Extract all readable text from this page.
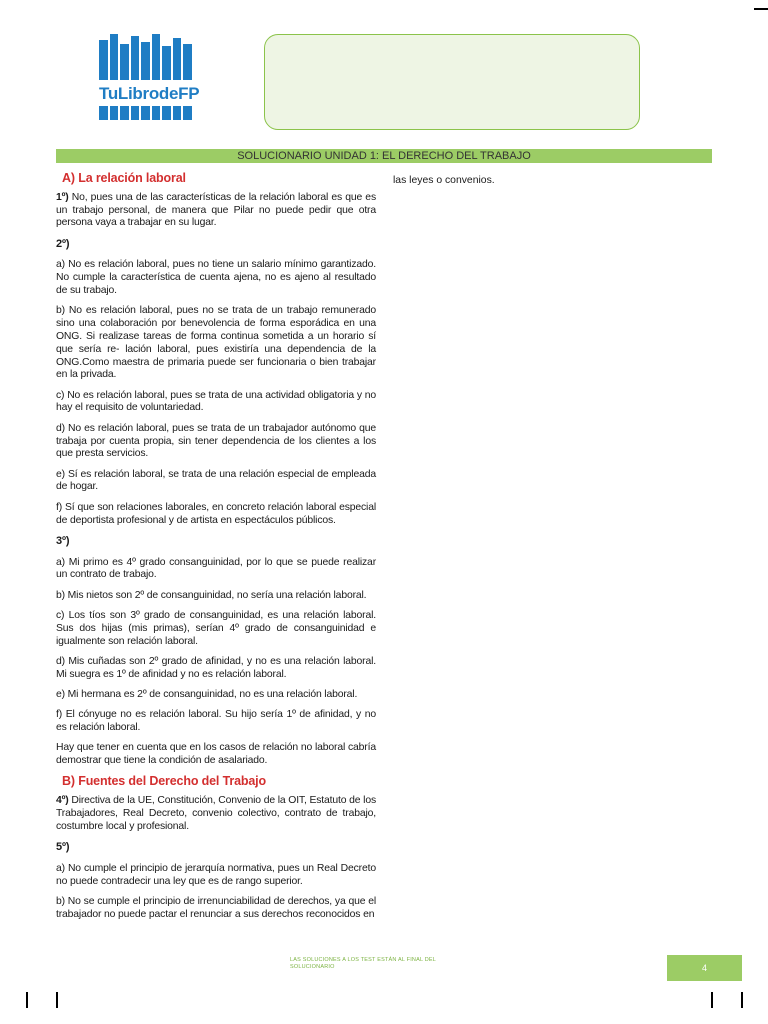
TuLibrodeFP
SOLUCIONARIO UNIDAD 1: EL DERECHO DEL TRABAJO
A) La relación laboral

1º) No, pues una de las características de la relación laboral es que es un trabajo personal, de manera que Pilar no puede pedir que otra persona vaya a trabajar en su lugar.

2º)

a) No es relación laboral, pues no tiene un salario mínimo garantizado. No cumple la característica de cuenta ajena, no es ajeno al resultado de su trabajo.

b) No es relación laboral, pues no se trata de un trabajo remunerado sino una colaboración por benevolencia de forma esporádica en una ONG. Si realizase tareas de forma continua sometida a un horario sí que sería re- lación laboral, pues existiría una dependencia de la ONG.Como maestra de primaria puede ser funcionaria o bien trabajar en la privada.

c) No es relación laboral, pues se trata de una actividad obligatoria y no hay el requisito de voluntariedad.

d) No es relación laboral, pues se trata de un trabajador autónomo que trabaja por cuenta propia, sin tener dependencia de los clientes a los que presta servicios.

e) Sí es relación laboral, se trata de una relación especial de empleada de hogar.

f) Sí que son relaciones laborales, en concreto relación laboral especial de deportista profesional y de artista en espectáculos públicos.

3º)

a) Mi primo es 4º grado consanguinidad, por lo que se puede realizar un contrato de trabajo.

b) Mis nietos son 2º de consanguinidad, no sería una relación laboral.

c) Los tíos son 3º grado de consanguinidad, es una relación laboral. Sus dos hijas (mis primas), serían 4º grado de consanguinidad e igualmente son relación laboral.

d) Mis cuñadas son 2º grado de afinidad, y no es una relación laboral. Mi suegra es 1º de afinidad y no es relación laboral.

e) Mi hermana es 2º de consanguinidad, no es una relación laboral.

f) El cónyuge no es relación laboral. Su hijo sería 1º de afinidad, y no es relación laboral.

Hay que tener en cuenta que en los casos de relación no laboral cabría demostrar que tiene la condición de asalariado.

B) Fuentes del Derecho del Trabajo

4º) Directiva de la UE, Constitución, Convenio de la OIT, Estatuto de los Trabajadores, Real Decreto, convenio colectivo, contrato de trabajo, costumbre local y profesional.

5º)

a) No cumple el principio de jerarquía normativa, pues un Real Decreto no puede contradecir una ley que es de rango superior.

b) No se cumple el principio de irrenunciabilidad de derechos, ya que el trabajador no puede pactar el renunciar a sus derechos reconocidos en

las leyes o convenios.
LAS SOLUCIONES A LOS TEST ESTÁN AL FINAL DEL SOLUCIONARIO	4
